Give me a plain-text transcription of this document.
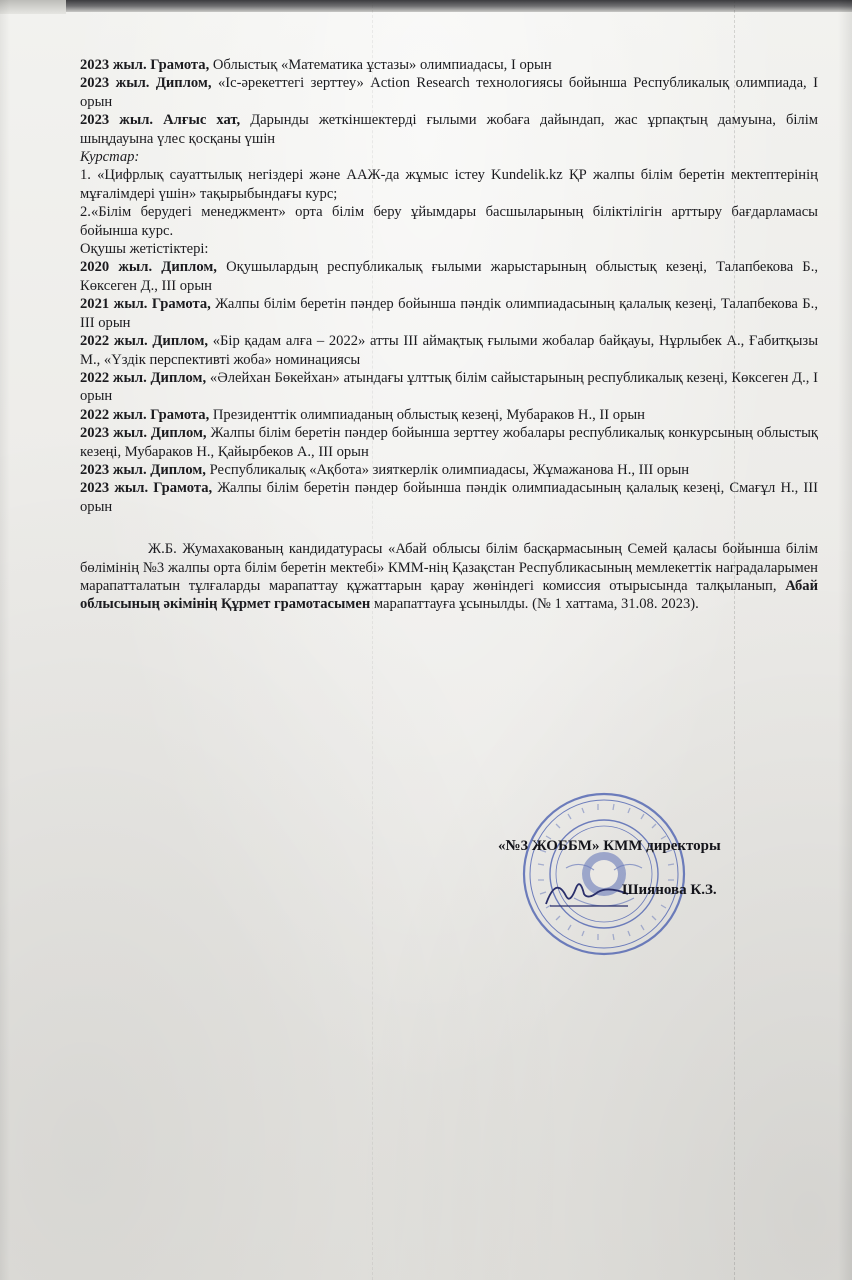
2023 жыл. Грамота, Облыстық «Математика ұстазы» олимпиадасы, І орын

2023 жыл. Диплом, «Іс-әрекеттегі зерттеу» Action Research технологиясы бойынша Республикалық олимпиада, І орын

2023 жыл. Алғыс хат, Дарынды жеткіншектерді ғылыми жобаға дайындап, жас ұрпақтың дамуына, білім шыңдауына үлес қосқаны үшін

Курстар:

1. «Цифрлық сауаттылық негіздері және ААЖ-да жұмыс істеу Kundelik.kz ҚР жалпы білім беретін мектептерінің мұғалімдері үшін» тақырыбындағы курс;

2.«Білім берудегі менеджмент» орта білім беру ұйымдары басшыларының біліктілігін арттыру бағдарламасы бойынша курс.

Оқушы жетістіктері:

2020 жыл. Диплом, Оқушылардың республикалық ғылыми жарыстарының облыстық кезеңі, Талапбекова Б., Көксеген Д., ІІІ орын

2021 жыл. Грамота, Жалпы білім беретін пәндер бойынша пәндік олимпиадасының қалалық кезеңі, Талапбекова Б., ІІІ орын

2022 жыл. Диплом, «Бір қадам алға – 2022» атты ІІІ аймақтық ғылыми жобалар байқауы, Нұрлыбек А., Ғабитқызы М., «Үздік перспективті жоба» номинациясы

2022 жыл. Диплом, «Әлейхан Бөкейхан» атындағы ұлттық білім сайыстарының республикалық кезеңі, Көксеген Д., І орын

2022 жыл. Грамота, Президенттік олимпиаданың облыстық кезеңі, Мубараков Н., ІІ орын

2023 жыл. Диплом, Жалпы білім беретін пәндер бойынша зерттеу жобалары республикалық конкурсының облыстық кезеңі, Мубараков Н., Қайырбеков А., ІІІ орын

2023 жыл. Диплом, Республикалық «Ақбота» зияткерлік олимпиадасы, Жұмажанова Н., ІІІ орын

2023 жыл. Грамота, Жалпы білім беретін пәндер бойынша пәндік олимпиадасының қалалық кезеңі, Смағұл Н., ІІІ орын

Ж.Б. Жумахакованың кандидатурасы «Абай облысы білім басқармасының Семей қаласы бойынша білім бөлімінің №3 жалпы орта білім беретін мектебі» КММ-нің Қазақстан Республикасының мемлекеттік наградаларымен марапатталатын тұлғаларды марапаттау құжаттарын қарау жөніндегі комиссия отырысында талқыланып, Абай облысының әкімінің Құрмет грамотасымен марапаттауға ұсынылды. (№ 1 хаттама, 31.08. 2023).

«№3 ЖОББМ» КММ директоры
Шиянова К.З.
